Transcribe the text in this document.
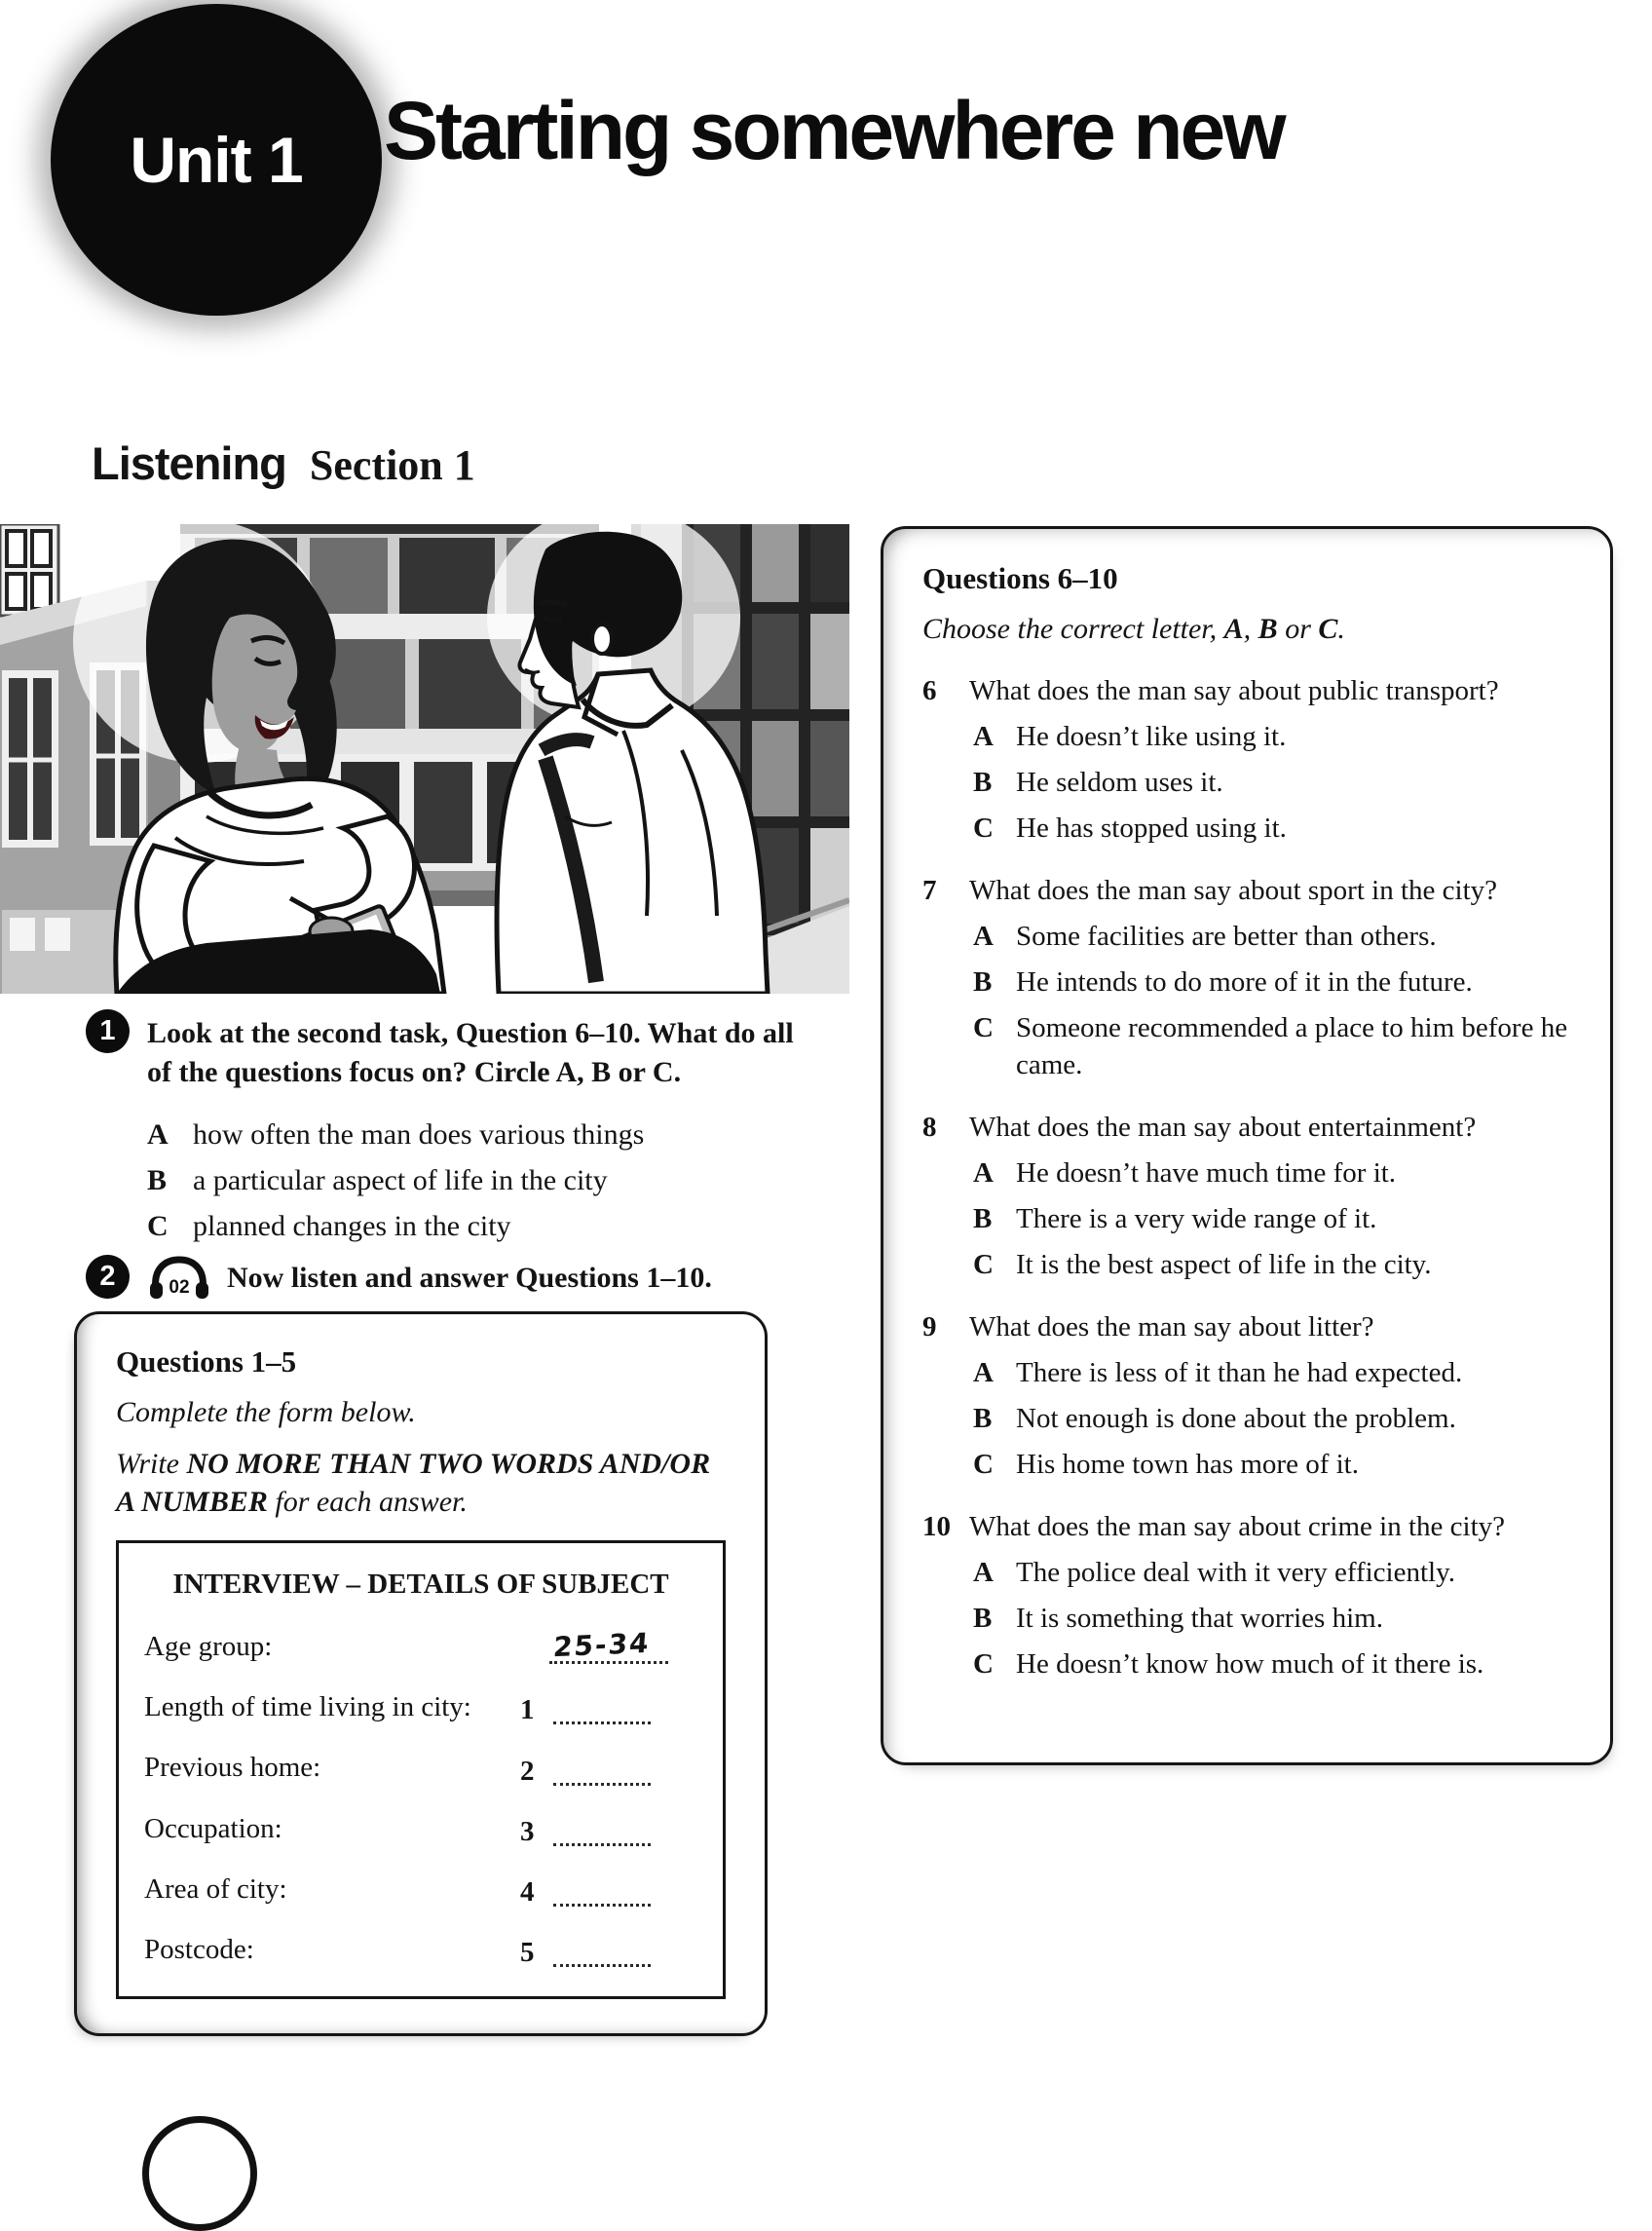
Unit 1 Starting somewhere new
Listening Section 1
1	Look at the second task, Question 6–10. What do all of the questions focus on? Circle A, B or C.

A how often the man does various things
B a particular aspect of life in the city
C planned changes in the city
2	02 Now listen and answer Questions 1–10.

Questions 1–5

Complete the form below.

Write NO MORE THAN TWO WORDS AND/OR A NUMBER for each answer.

INTERVIEW – DETAILS OF SUBJECT
Age group:	25-34
Length of time living in city:	1
Previous home:	2
Occupation:	3
Area of city:	4
Postcode:	5
Questions 6–10

Choose the correct letter, A, B or C.

6	What does the man say about public transport?

A He doesn’t like using it.
B He seldom uses it.
C He has stopped using it.
7	What does the man say about sport in the city?

A Some facilities are better than others.
B He intends to do more of it in the future.
C Someone recommended a place to him before he came.
8	What does the man say about entertainment?

A He doesn’t have much time for it.
B There is a very wide range of it.
C It is the best aspect of life in the city.
9	What does the man say about litter?

A There is less of it than he had expected.
B Not enough is done about the problem.
C His home town has more of it.
10 What does the man say about crime in the city?

A The police deal with it very efficiently.
B It is something that worries him.
C He doesn’t know how much of it there is.
